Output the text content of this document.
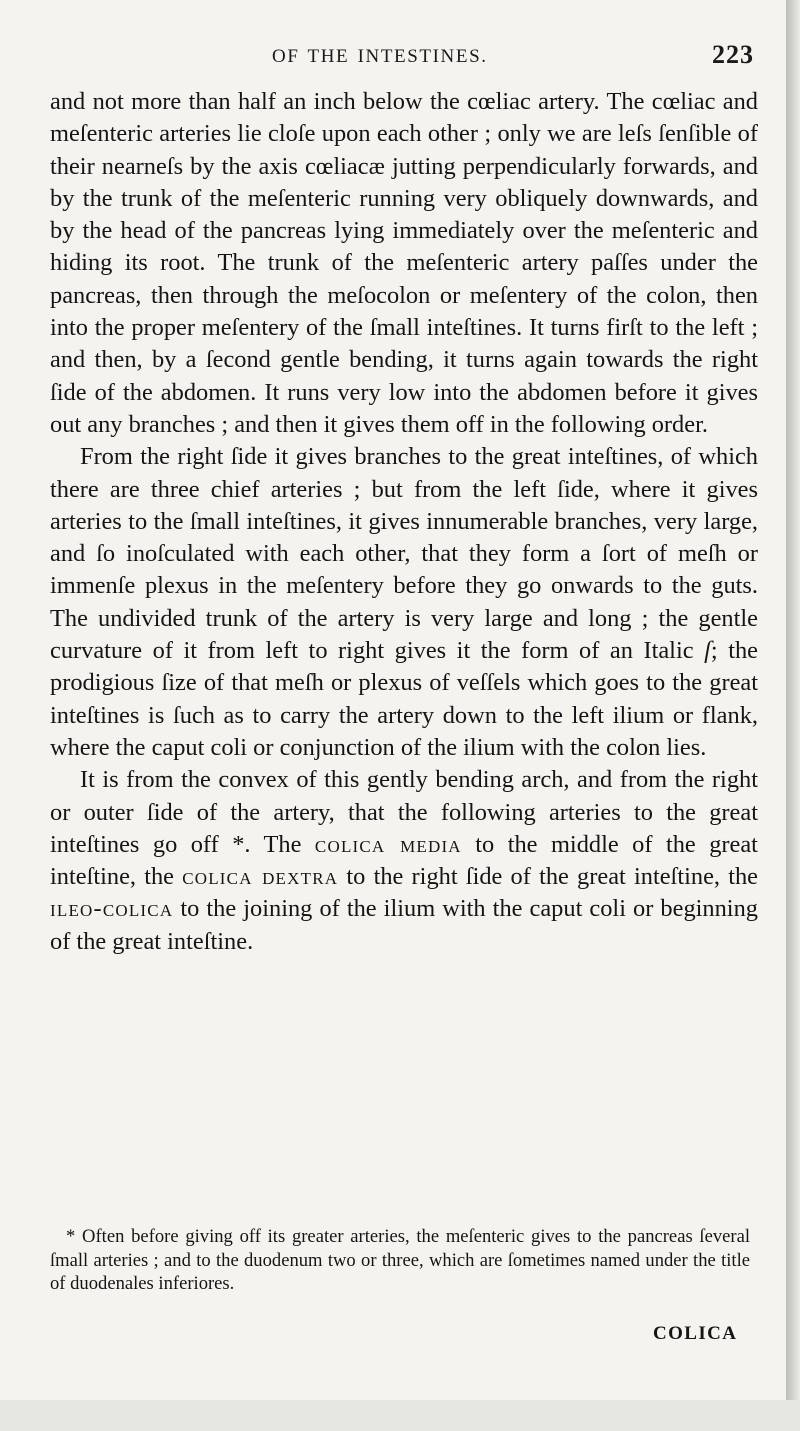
OF THE INTESTINES.	223

and not more than half an inch below the cœliac artery. The cœliac and meſenteric arteries lie cloſe upon each other ; only we are leſs ſenſible of their nearneſs by the axis cœliacæ jutting perpendicularly forwards, and by the trunk of the meſenteric running very obliquely downwards, and by the head of the pancreas lying immediately over the meſenteric and hiding its root. The trunk of the meſenteric artery paſſes under the pancreas, then through the meſocolon or meſentery of the colon, then into the proper meſentery of the ſmall inteſtines. It turns firſt to the left ; and then, by a ſecond gentle bending, it turns again towards the right ſide of the abdomen. It runs very low into the abdomen before it gives out any branches ; and then it gives them off in the following order.

From the right ſide it gives branches to the great inteſtines, of which there are three chief arteries ; but from the left ſide, where it gives arteries to the ſmall inteſtines, it gives innumerable branches, very large, and ſo inoſculated with each other, that they form a ſort of meſh or immenſe plexus in the meſentery before they go onwards to the guts. The undivided trunk of the artery is very large and long ; the gentle curvature of it from left to right gives it the form of an Italic ſ; the prodigious ſize of that meſh or plexus of veſſels which goes to the great inteſtines is ſuch as to carry the artery down to the left ilium or flank, where the caput coli or conjunction of the ilium with the colon lies.

It is from the convex of this gently bending arch, and from the right or outer ſide of the artery, that the following arteries to the great inteſtines go off *. The colica media to the middle of the great inteſtine, the colica dextra to the right ſide of the great inteſtine, the ileo-colica to the joining of the ilium with the caput coli or beginning of the great inteſtine.

* Often before giving off its greater arteries, the meſenteric gives to the pancreas ſeveral ſmall arteries ; and to the duodenum two or three, which are ſometimes named under the title of duodenales inferiores.

COLICA
